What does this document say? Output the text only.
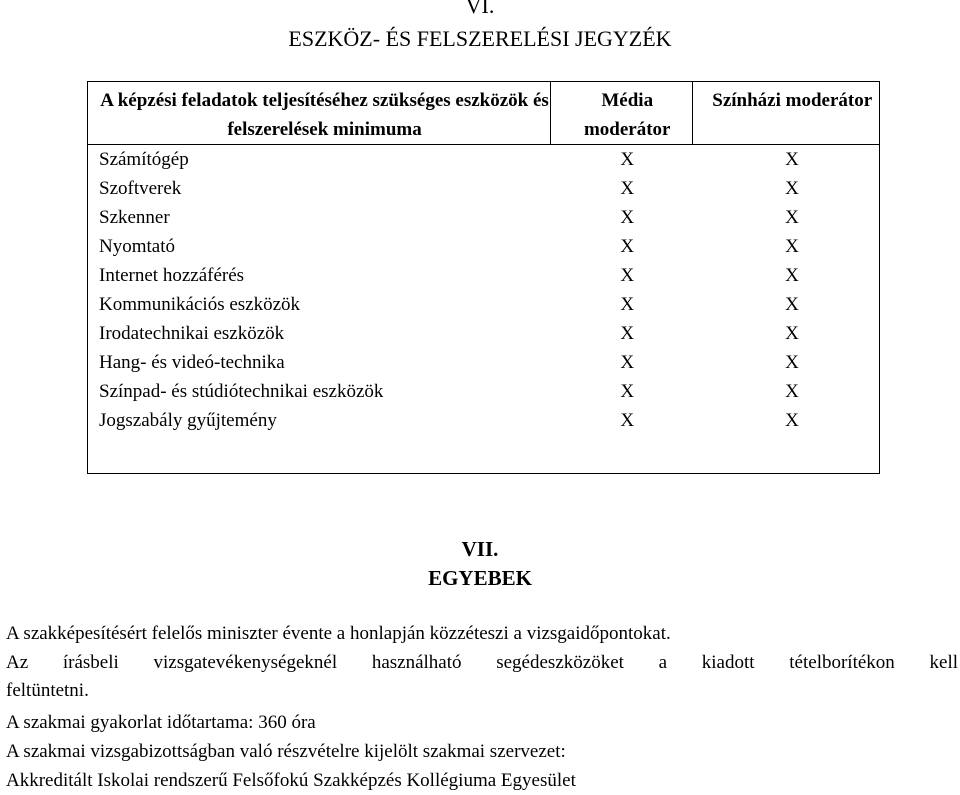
VI.
ESZKÖZ- ÉS FELSZERELÉSI JEGYZÉK
A képzési feladatok teljesítéséhez szükséges eszközök és felszerelések minimuma	Média moderátor	Színházi moderátor

Számítógép	X	X
Szoftverek	X	X
Szkenner	X	X
Nyomtató	X	X
Internet hozzáférés	X	X
Kommunikációs eszközök	X	X
Irodatechnikai eszközök	X	X
Hang- és videó-technika	X	X
Színpad- és stúdiótechnikai eszközök	X	X
Jogszabály gyűjtemény	X	X
VII.
EGYEBEK
A szakképesítésért felelős miniszter évente a honlapján közzéteszi a vizsgaidőpontokat.
Az írásbeli vizsgatevékenységeknél használható segédeszközöket a kiadott tételborítékon kell
feltüntetni.
A szakmai gyakorlat időtartama: 360 óra
A szakmai vizsgabizottságban való részvételre kijelölt szakmai szervezet:
Akkreditált Iskolai rendszerű Felsőfokú Szakképzés Kollégiuma Egyesület
